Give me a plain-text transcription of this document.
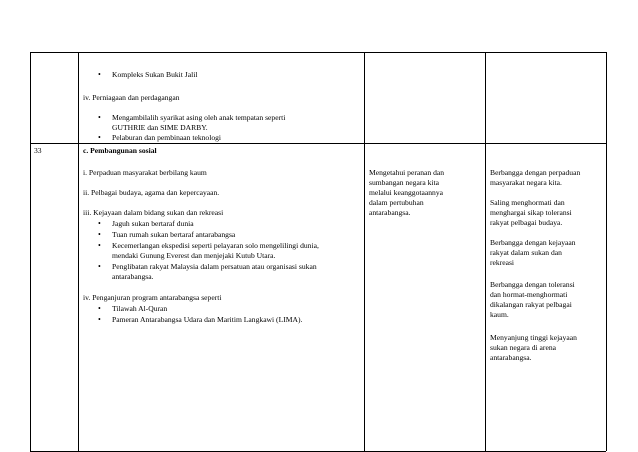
• Kompleks Sukan Bukit Jalil
iv. Perniagaan dan perdagangan
• Mengambilalih syarikat asing oleh anak tempatan seperti
GUTHRIE dan SIME DARBY.
• Pelaburan dan pembinaan teknologi
33	c. Pembangunan sosial
i. Perpaduan masyarakat berbilang kaum
ii. Pelbagai budaya, agama dan kepercayaan.
iii. Kejayaan dalam bidang sukan dan rekreasi
• Jaguh sukan bertaraf dunia
• Tuan rumah sukan bertaraf antarabangsa
• Kecemerlangan ekspedisi seperti pelayaran solo mengelilingi dunia,
mendaki Gunung Everest dan menjejaki Kutub Utara.
• Penglibatan rakyat Malaysia dalam persatuan atau organisasi sukan
antarabangsa.
iv. Penganjuran program antarabangsa seperti
• Tilawah Al-Quran
• Pameran Antarabangsa Udara dan Maritim Langkawi (LIMA).
Mengetahui peranan dan
sumbangan negara kita
melalui keanggotaannya
dalam pertubuhan
antarabangsa.
Berbangga dengan perpaduan
masyarakat negara kita.
Saling menghormati dan
menghargai sikap toleransi
rakyat pelbagai budaya.
Berbangga dengan kejayaan
rakyat dalam sukan dan
rekreasi
Berbangga dengan toleransi
dan hormat-menghormati
dikalangan rakyat pelbagai
kaum.
Menyanjung tinggi kejayaan
sukan negara di arena
antarabangsa.
